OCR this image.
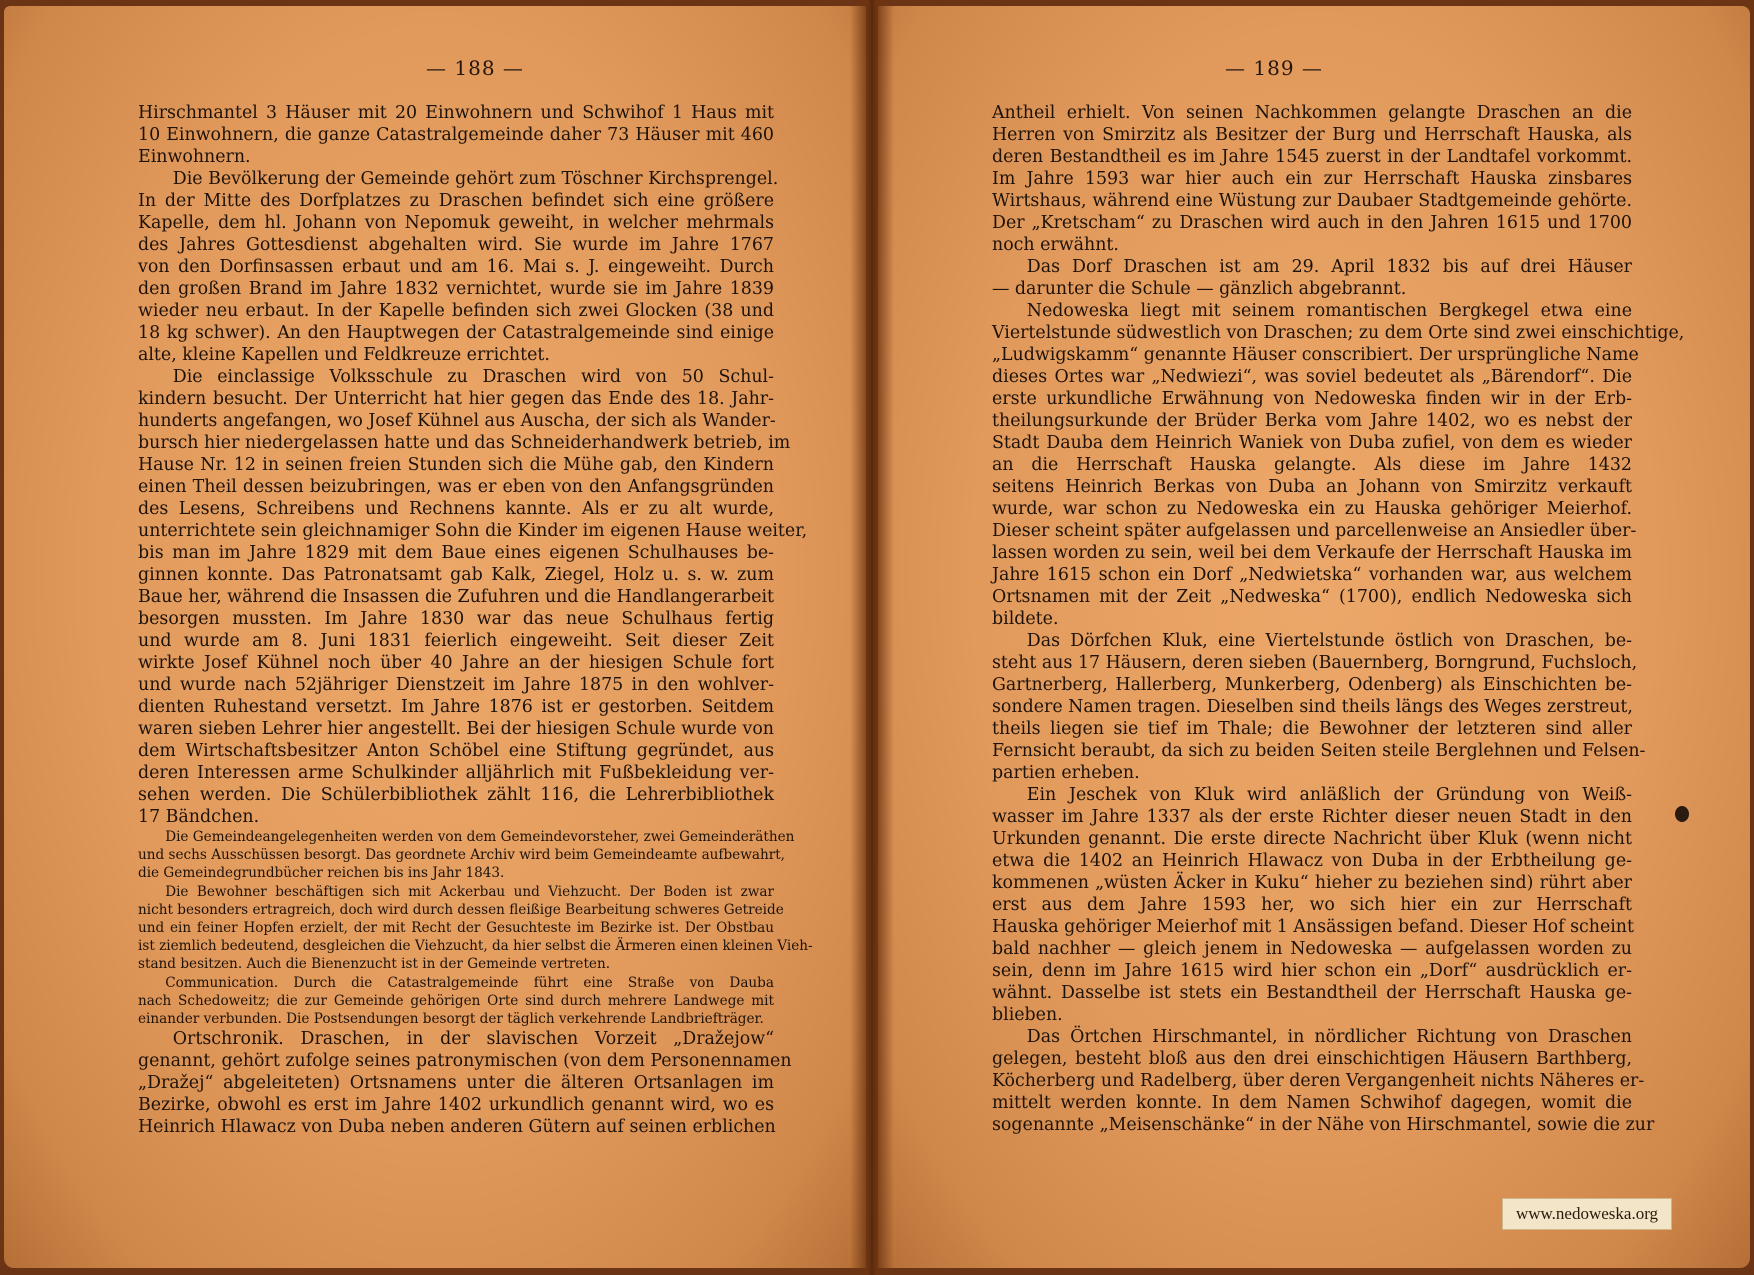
— 188 —
Hirschmantel 3 Häuser mit 20 Einwohnern und Schwihof 1 Haus mit
10 Einwohnern, die ganze Catastralgemeinde daher 73 Häuser mit 460
Einwohnern.
  Die Bevölkerung der Gemeinde gehört zum Töschner Kirchsprengel.
In der Mitte des Dorfplatzes zu Draschen befindet sich eine größere
Kapelle, dem hl. Johann von Nepomuk geweiht, in welcher mehrmals
des Jahres Gottesdienst abgehalten wird. Sie wurde im Jahre 1767
von den Dorfinsassen erbaut und am 16. Mai s. J. eingeweiht. Durch
den großen Brand im Jahre 1832 vernichtet, wurde sie im Jahre 1839
wieder neu erbaut. In der Kapelle befinden sich zwei Glocken (38 und
18 kg schwer). An den Hauptwegen der Catastralgemeinde sind einige
alte, kleine Kapellen und Feldkreuze errichtet.
  Die einclassige Volksschule zu Draschen wird von 50 Schul-
kindern besucht. Der Unterricht hat hier gegen das Ende des 18. Jahr-
hunderts angefangen, wo Josef Kühnel aus Auscha, der sich als Wander-
bursch hier niedergelassen hatte und das Schneiderhandwerk betrieb, im
Hause Nr. 12 in seinen freien Stunden sich die Mühe gab, den Kindern
einen Theil dessen beizubringen, was er eben von den Anfangsgründen
des Lesens, Schreibens und Rechnens kannte. Als er zu alt wurde,
unterrichtete sein gleichnamiger Sohn die Kinder im eigenen Hause weiter,
bis man im Jahre 1829 mit dem Baue eines eigenen Schulhauses be-
ginnen konnte. Das Patronatsamt gab Kalk, Ziegel, Holz u. s. w. zum
Baue her, während die Insassen die Zufuhren und die Handlangerarbeit
besorgen mussten. Im Jahre 1830 war das neue Schulhaus fertig
und wurde am 8. Juni 1831 feierlich eingeweiht. Seit dieser Zeit
wirkte Josef Kühnel noch über 40 Jahre an der hiesigen Schule fort
und wurde nach 52jähriger Dienstzeit im Jahre 1875 in den wohlver-
dienten Ruhestand versetzt. Im Jahre 1876 ist er gestorben. Seitdem
waren sieben Lehrer hier angestellt. Bei der hiesigen Schule wurde von
dem Wirtschaftsbesitzer Anton Schöbel eine Stiftung gegründet, aus
deren Interessen arme Schulkinder alljährlich mit Fußbekleidung ver-
sehen werden. Die Schülerbibliothek zählt 116, die Lehrerbibliothek
17 Bändchen.
  Die Gemeindeangelegenheiten werden von dem Gemeindevorsteher, zwei Gemeinderäthen
und sechs Ausschüssen besorgt. Das geordnete Archiv wird beim Gemeindeamte aufbewahrt,
die Gemeindegrundbücher reichen bis ins Jahr 1843.
  Die Bewohner beschäftigen sich mit Ackerbau und Viehzucht. Der Boden ist zwar
nicht besonders ertragreich, doch wird durch dessen fleißige Bearbeitung schweres Getreide
und ein feiner Hopfen erzielt, der mit Recht der Gesuchteste im Bezirke ist. Der Obstbau
ist ziemlich bedeutend, desgleichen die Viehzucht, da hier selbst die Ärmeren einen kleinen Vieh-
stand besitzen. Auch die Bienenzucht ist in der Gemeinde vertreten.
  Communication. Durch die Catastralgemeinde führt eine Straße von Dauba
nach Schedoweitz; die zur Gemeinde gehörigen Orte sind durch mehrere Landwege mit
einander verbunden. Die Postsendungen besorgt der täglich verkehrende Landbriefträger.
  Ortschronik. Draschen, in der slavischen Vorzeit „Dražejow“
genannt, gehört zufolge seines patronymischen (von dem Personennamen
„Dražej“ abgeleiteten) Ortsnamens unter die älteren Ortsanlagen im
Bezirke, obwohl es erst im Jahre 1402 urkundlich genannt wird, wo es
Heinrich Hlawacz von Duba neben anderen Gütern auf seinen erblichen
— 189 —
Antheil erhielt. Von seinen Nachkommen gelangte Draschen an die
Herren von Smirzitz als Besitzer der Burg und Herrschaft Hauska, als
deren Bestandtheil es im Jahre 1545 zuerst in der Landtafel vorkommt.
Im Jahre 1593 war hier auch ein zur Herrschaft Hauska zinsbares
Wirtshaus, während eine Wüstung zur Daubaer Stadtgemeinde gehörte.
Der „Kretscham“ zu Draschen wird auch in den Jahren 1615 und 1700
noch erwähnt.
  Das Dorf Draschen ist am 29. April 1832 bis auf drei Häuser
— darunter die Schule — gänzlich abgebrannt.
  Nedoweska liegt mit seinem romantischen Bergkegel etwa eine
Viertelstunde südwestlich von Draschen; zu dem Orte sind zwei einschichtige,
„Ludwigskamm“ genannte Häuser conscribiert. Der ursprüngliche Name
dieses Ortes war „Nedwiezi“, was soviel bedeutet als „Bärendorf“. Die
erste urkundliche Erwähnung von Nedoweska finden wir in der Erb-
theilungsurkunde der Brüder Berka vom Jahre 1402, wo es nebst der
Stadt Dauba dem Heinrich Waniek von Duba zufiel, von dem es wieder
an die Herrschaft Hauska gelangte. Als diese im Jahre 1432
seitens Heinrich Berkas von Duba an Johann von Smirzitz verkauft
wurde, war schon zu Nedoweska ein zu Hauska gehöriger Meierhof.
Dieser scheint später aufgelassen und parcellenweise an Ansiedler über-
lassen worden zu sein, weil bei dem Verkaufe der Herrschaft Hauska im
Jahre 1615 schon ein Dorf „Nedwietska“ vorhanden war, aus welchem
Ortsnamen mit der Zeit „Nedweska“ (1700), endlich Nedoweska sich
bildete.
  Das Dörfchen Kluk, eine Viertelstunde östlich von Draschen, be-
steht aus 17 Häusern, deren sieben (Bauernberg, Borngrund, Fuchsloch,
Gartnerberg, Hallerberg, Munkerberg, Odenberg) als Einschichten be-
sondere Namen tragen. Dieselben sind theils längs des Weges zerstreut,
theils liegen sie tief im Thale; die Bewohner der letzteren sind aller
Fernsicht beraubt, da sich zu beiden Seiten steile Berglehnen und Felsen-
partien erheben.
  Ein Jeschek von Kluk wird anläßlich der Gründung von Weiß-
wasser im Jahre 1337 als der erste Richter dieser neuen Stadt in den
Urkunden genannt. Die erste directe Nachricht über Kluk (wenn nicht
etwa die 1402 an Heinrich Hlawacz von Duba in der Erbtheilung ge-
kommenen „wüsten Äcker in Kuku“ hieher zu beziehen sind) rührt aber
erst aus dem Jahre 1593 her, wo sich hier ein zur Herrschaft
Hauska gehöriger Meierhof mit 1 Ansässigen befand. Dieser Hof scheint
bald nachher — gleich jenem in Nedoweska — aufgelassen worden zu
sein, denn im Jahre 1615 wird hier schon ein „Dorf“ ausdrücklich er-
wähnt. Dasselbe ist stets ein Bestandtheil der Herrschaft Hauska ge-
blieben.
  Das Örtchen Hirschmantel, in nördlicher Richtung von Draschen
gelegen, besteht bloß aus den drei einschichtigen Häusern Barthberg,
Köcherberg und Radelberg, über deren Vergangenheit nichts Näheres er-
mittelt werden konnte. In dem Namen Schwihof dagegen, womit die
sogenannte „Meisenschänke“ in der Nähe von Hirschmantel, sowie die zur
www.nedoweska.org
